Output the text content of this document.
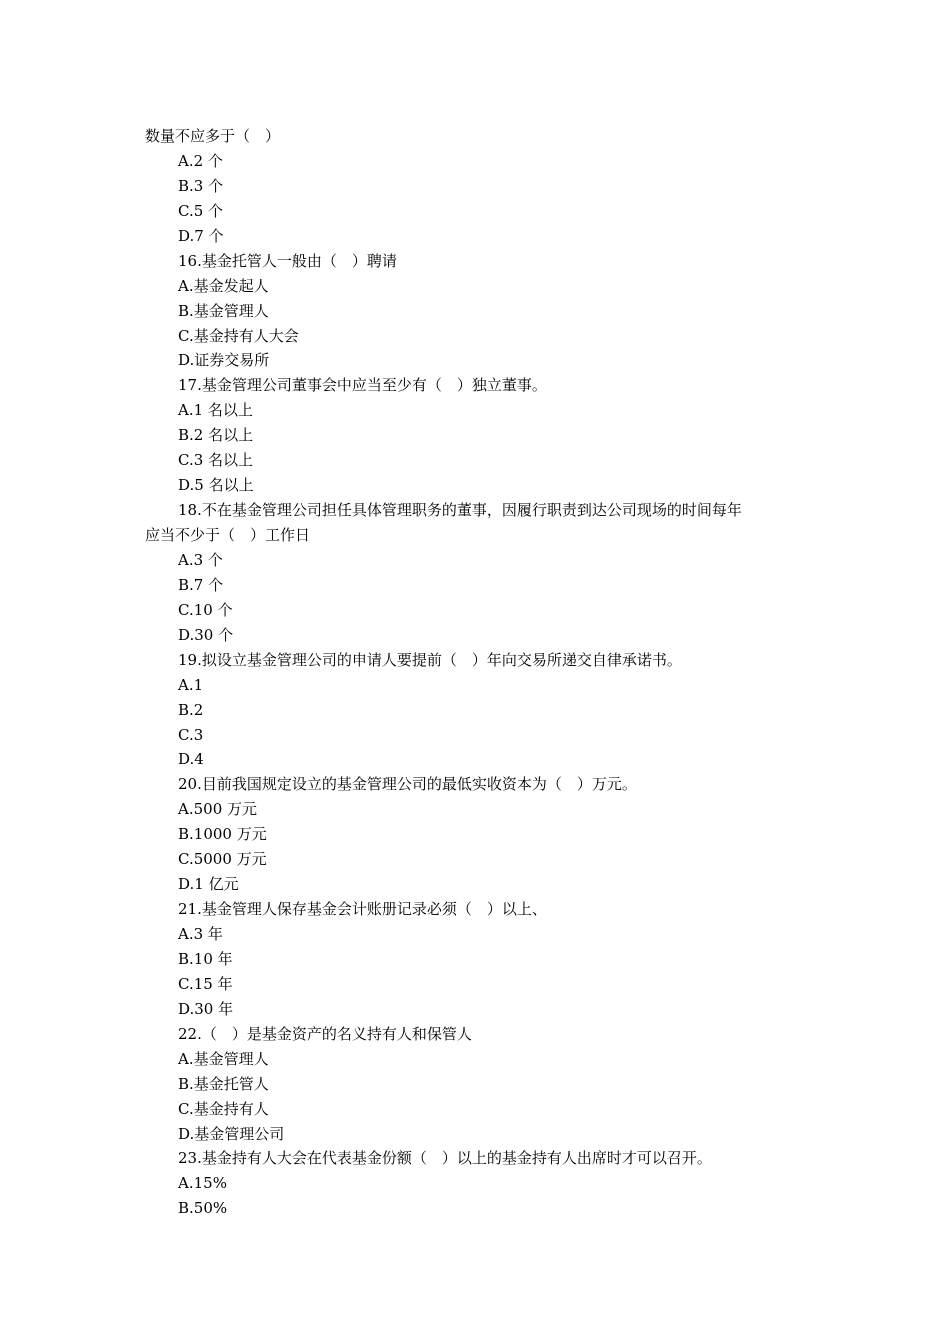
数量不应多于（　）
A.2 个
B.3 个
C.5 个
D.7 个
16.基金托管人一般由（　）聘请
A.基金发起人
B.基金管理人
C.基金持有人大会
D.证券交易所
17.基金管理公司董事会中应当至少有（　）独立董事。
A.1 名以上
B.2 名以上
C.3 名以上
D.5 名以上
18.不在基金管理公司担任具体管理职务的董事，因履行职责到达公司现场的时间每年
应当不少于（　）工作日
A.3 个
B.7 个
C.10 个
D.30 个
19.拟设立基金管理公司的申请人要提前（　）年向交易所递交自律承诺书。
A.1
B.2
C.3
D.4
20.目前我国规定设立的基金管理公司的最低实收资本为（　）万元。
A.500 万元
B.1000 万元
C.5000 万元
D.1 亿元
21.基金管理人保存基金会计账册记录必须（　）以上、
A.3 年
B.10 年
C.15 年
D.30 年
22.（　）是基金资产的名义持有人和保管人
A.基金管理人
B.基金托管人
C.基金持有人
D.基金管理公司
23.基金持有人大会在代表基金份额（　）以上的基金持有人出席时才可以召开。
A.15%
B.50%
